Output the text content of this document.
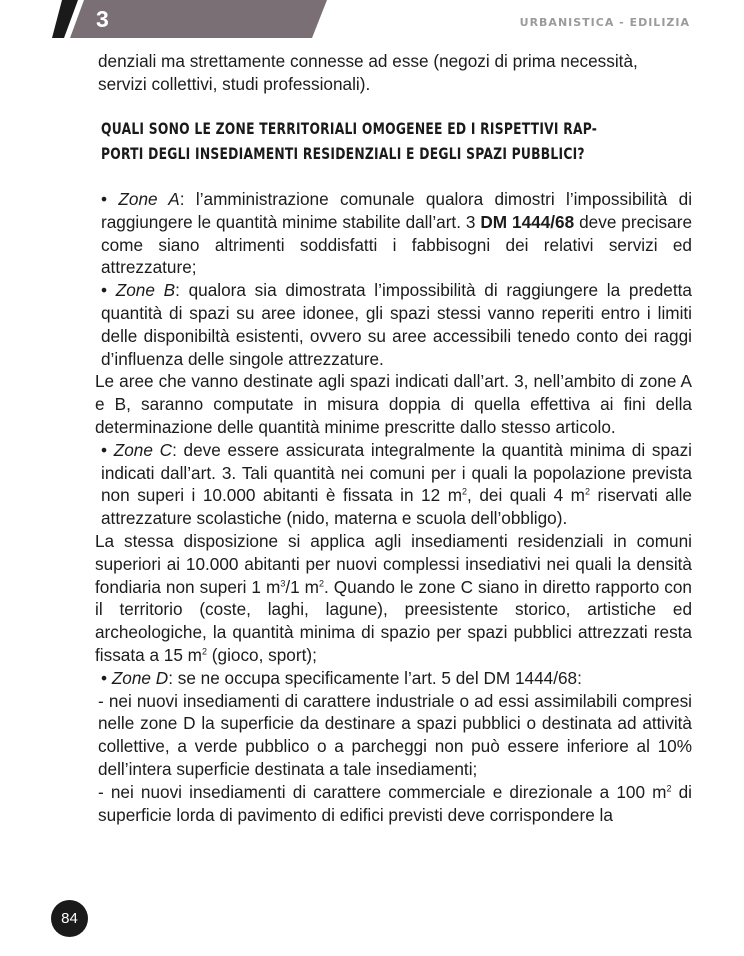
3	URBANISTICA - EDILIZIA
denziali ma strettamente connesse ad esse (negozi di prima necessità,
servizi collettivi, studi professionali).
QUALI SONO LE ZONE TERRITORIALI OMOGENEE ED I RISPETTIVI RAP-
PORTI DEGLI INSEDIAMENTI RESIDENZIALI E DEGLI SPAZI PUBBLICI?

• Zone A: l’amministrazione comunale qualora dimostri l’impossibilità di raggiungere le quantità minime stabilite dall’art. 3 DM 1444/68 deve precisare come siano altrimenti soddisfatti i fabbisogni dei relativi servizi ed attrezzature;

• Zone B: qualora sia dimostrata l’impossibilità di raggiungere la predetta quantità di spazi su aree idonee, gli spazi stessi vanno reperiti entro i limiti delle disponibiltà esistenti, ovvero su aree accessibili tenedo conto dei raggi d’influenza delle singole attrezzature.

Le aree che vanno destinate agli spazi indicati dall’art. 3, nell’ambito di zone A e B, saranno computate in misura doppia di quella effettiva ai fini della determinazione delle quantità minime prescritte dallo stesso articolo.

• Zone C: deve essere assicurata integralmente la quantità minima di spazi indicati dall’art. 3. Tali quantità nei comuni per i quali la popolazione prevista non superi i 10.000 abitanti è fissata in 12 $m^2$, dei quali 4 $m^2$ riservati alle attrezzature scolastiche (nido, materna e scuola dell’obbligo).

La stessa disposizione si applica agli insediamenti residenziali in comuni superiori ai 10.000 abitanti per nuovi complessi insediativi nei quali la densità fondiaria non superi 1 $m^3/1$ $m^2$. Quando le zone C siano in diretto rapporto con il territorio (coste, laghi, lagune), preesistente storico, artistiche ed archeologiche, la quantità minima di spazio per spazi pubblici attrezzati resta fissata a 15 $m^2$ (gioco, sport);

• Zone D: se ne occupa specificamente l’art. 5 del DM 1444/68:

- nei nuovi insediamenti di carattere industriale o ad essi assimilabili compresi nelle zone D la superficie da destinare a spazi pubblici o destinata ad attività collettive, a verde pubblico o a parcheggi non può essere inferiore al 10% dell’intera superficie destinata a tale insediamenti;

- nei nuovi insediamenti di carattere commerciale e direzionale a 100 $m^2$ di superficie lorda di pavimento di edifici previsti deve corrispondere la

84
